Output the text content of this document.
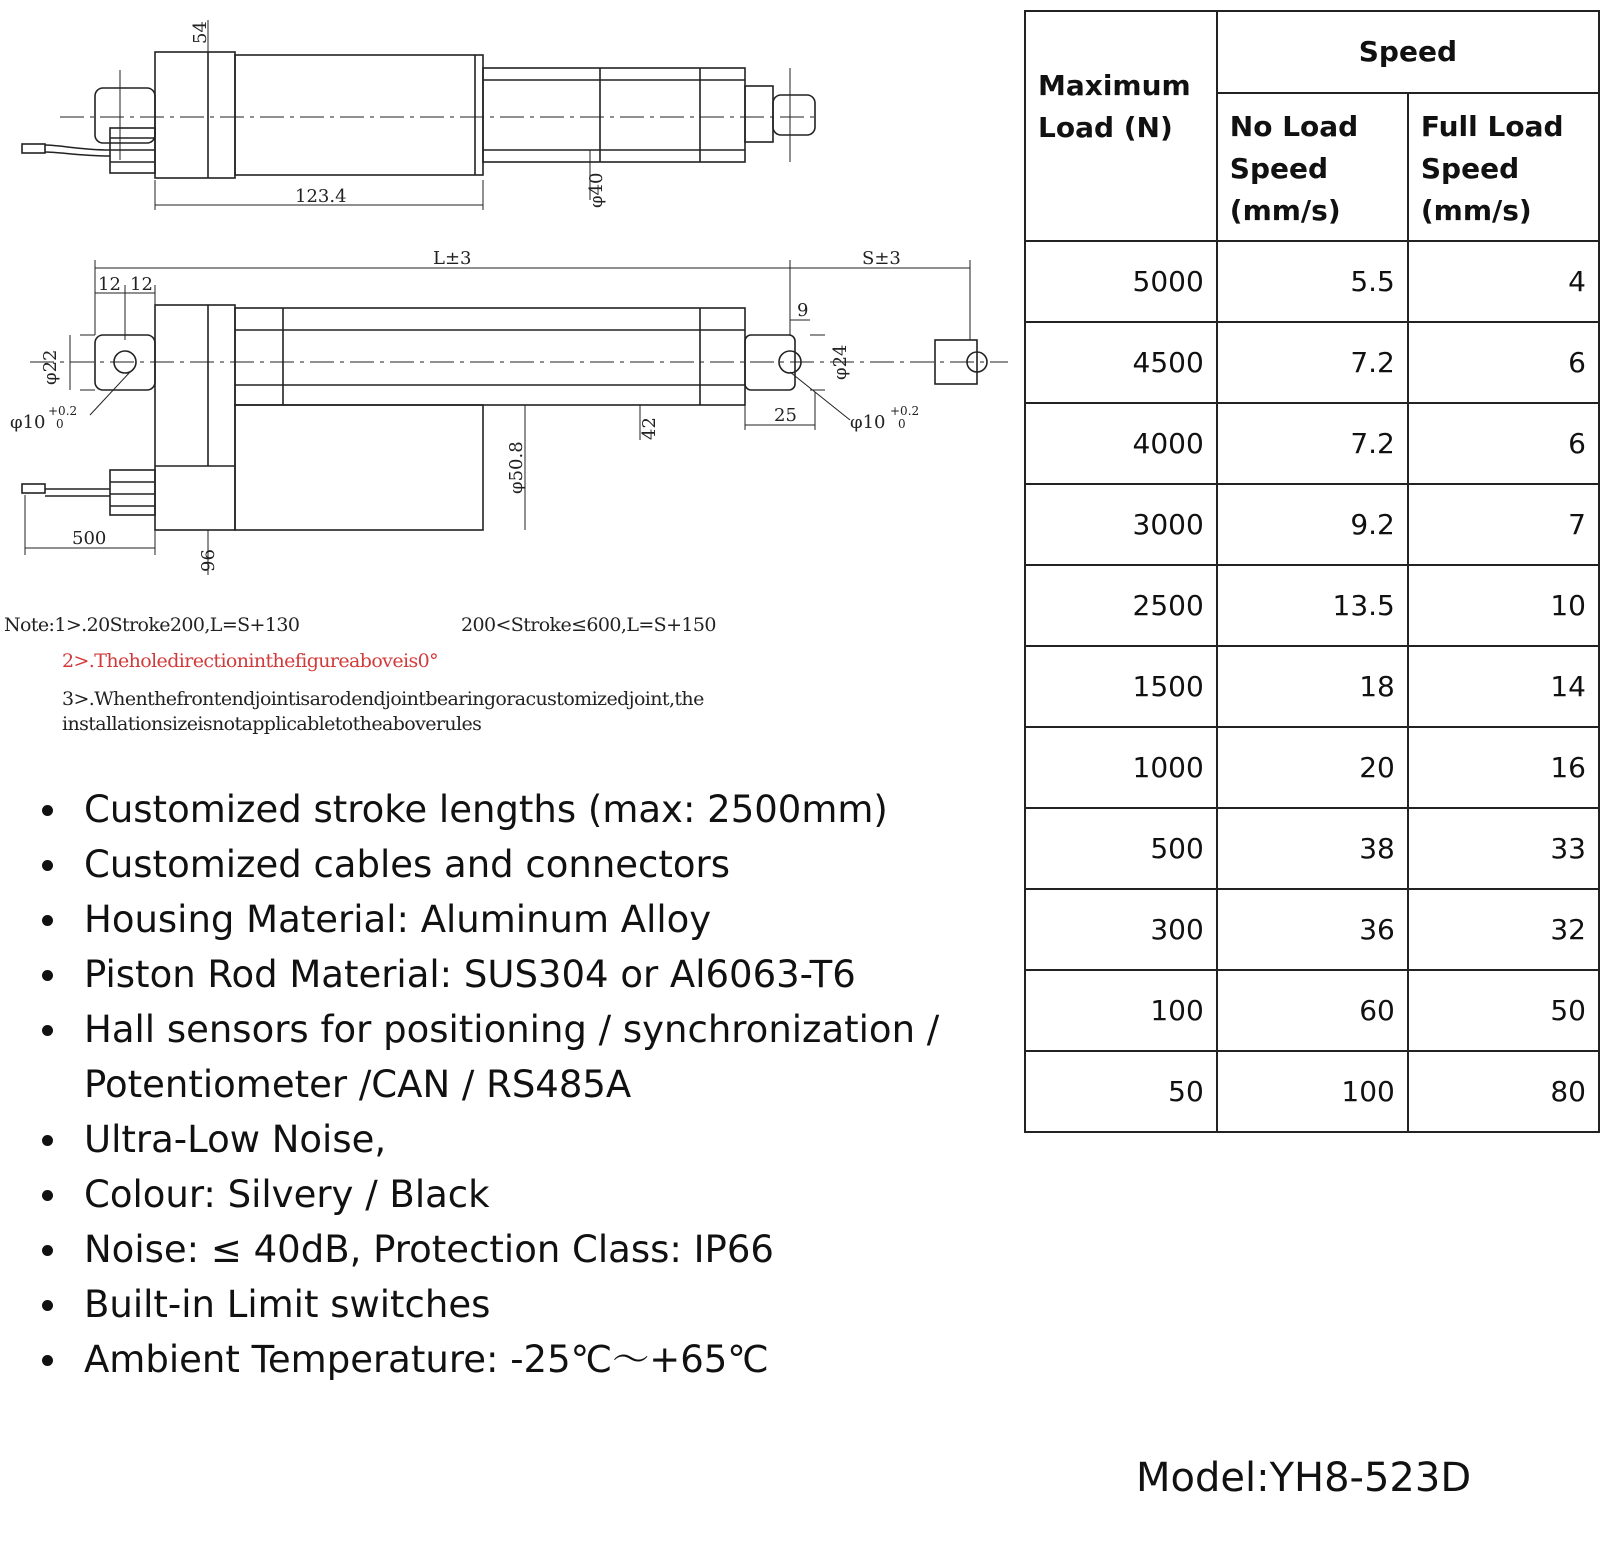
54
123.4	φ40
L±3	S±3
12 12
9
φ22	φ24
φ10
+0.2
0	25	φ10
+0.2
0
42
φ50.8
500
96
Note:1>.20Stroke200,L=S+130	200<Stroke≤600,L=S+150
2>.Theholedirectioninthefigureaboveis0°
3>.Whenthefrontendjointisarodendjointbearingoracustomizedjoint,the
installationsizeisnotapplicabletotheaboverules
Customized stroke lengths (max: 2500mm)
Customized cables and connectors
Housing Material: Aluminum Alloy
Piston Rod Material: SUS304 or Al6063-T6
Hall sensors for positioning / synchronization / Potentiometer /CAN / RS485A
Ultra-Low Noise,
Colour: Silvery / Black
Noise: ≤ 40dB, Protection Class: IP66
Built-in Limit switches
Ambient Temperature: -25℃～+65℃
Maximum Load (N)	Speed	
	No Load Speed (mm/s)	Full Load Speed (mm/s)
5000	5.5	4
4500	7.2	6
4000	7.2	6
3000	9.2	7
2500	13.5	10
1500	18	14
1000	20	16
500	38	33
300	36	32
100	60	50
50	100	80
Model:YH8-523D
